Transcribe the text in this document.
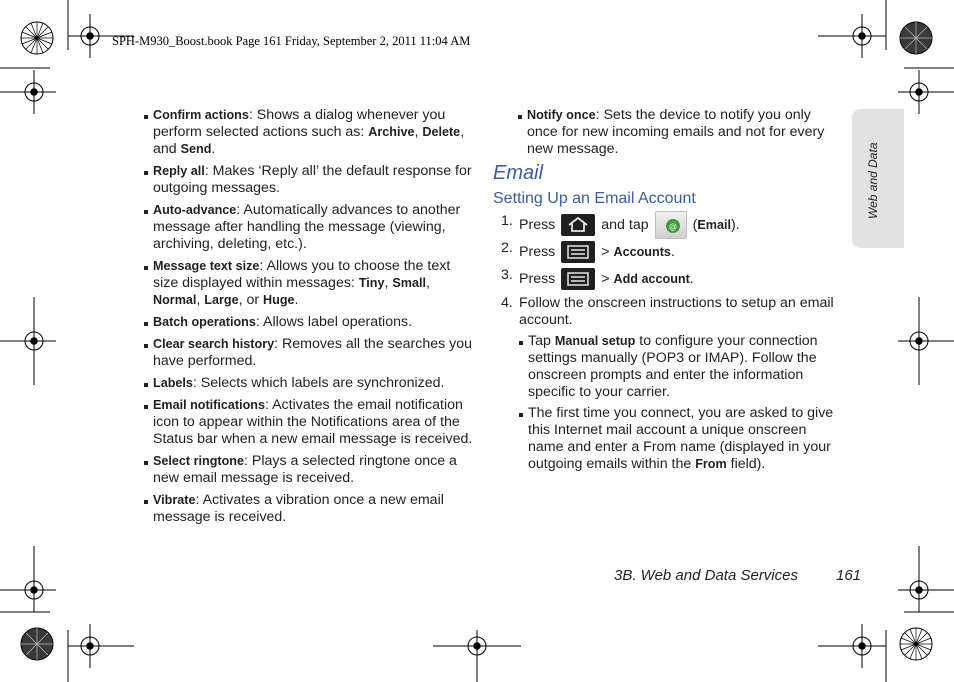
SPH-M930_Boost.book Page 161 Friday, September 2, 2011 11:04 AM
Web and Data
Confirm actions: Shows a dialog whenever you perform selected actions such as: Archive, Delete, and Send.
Reply all: Makes ‘Reply all’ the default response for outgoing messages.
Auto-advance: Automatically advances to another message after handling the message (viewing, archiving, deleting, etc.).
Message text size: Allows you to choose the text size displayed within messages: Tiny, Small, Normal, Large, or Huge.
Batch operations: Allows label operations.
Clear search history: Removes all the searches you have performed.
Labels: Selects which labels are synchronized.
Email notifications: Activates the email notification icon to appear within the Notifications area of the Status bar when a new email message is received.
Select ringtone: Plays a selected ringtone once a new email message is received.
Vibrate: Activates a vibration once a new email message is received.
Notify once: Sets the device to notify you only once for new incoming emails and not for every new message.
Email
Setting Up an Email Account
1. Press	and tap	@ ( Email ).
2. Press	>
Accounts .
3. Press	>
Add account .
4. Follow the onscreen instructions to setup an email account.
Tap Manual setup to configure your connection settings manually (POP3 or IMAP). Follow the onscreen prompts and enter the information specific to your carrier.
The first time you connect, you are asked to give this Internet mail account a unique onscreen name and enter a From name (displayed in your outgoing emails within the From field).
3B. Web and Data Services	161
